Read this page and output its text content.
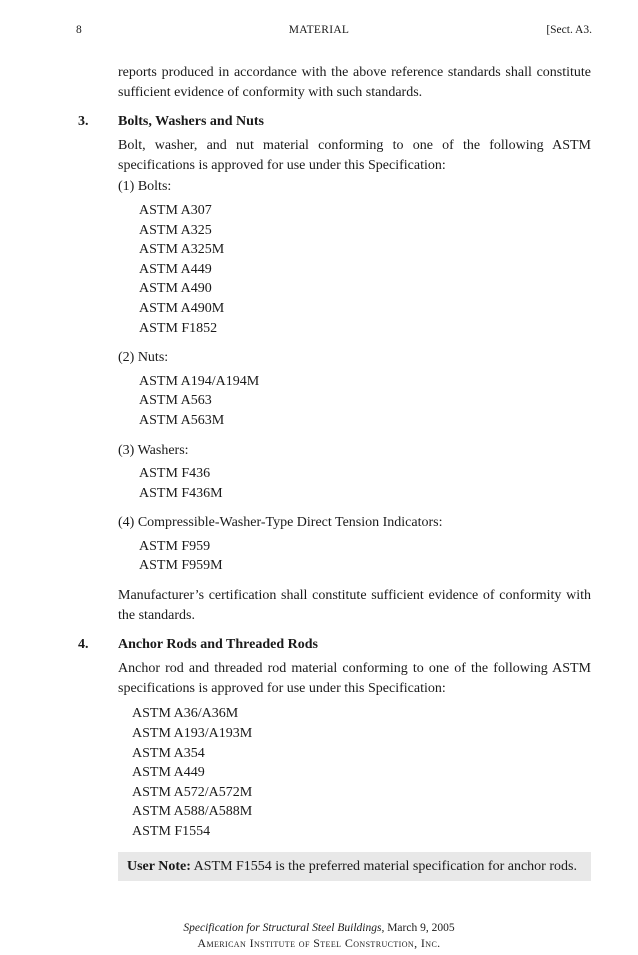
8	MATERIAL	[Sect. A3.

reports produced in accordance with the above reference standards shall constitute sufficient evidence of conformity with such standards.

3. Bolts, Washers and Nuts

Bolt, washer, and nut material conforming to one of the following ASTM specifications is approved for use under this Specification:

(1) Bolts:
ASTM A307
ASTM A325
ASTM A325M
ASTM A449
ASTM A490
ASTM A490M
ASTM F1852
(2) Nuts:
ASTM A194/A194M
ASTM A563
ASTM A563M
(3) Washers:
ASTM F436
ASTM F436M
(4) Compressible-Washer-Type Direct Tension Indicators:
ASTM F959
ASTM F959M

Manufacturer’s certification shall constitute sufficient evidence of conformity with the standards.

4. Anchor Rods and Threaded Rods

Anchor rod and threaded rod material conforming to one of the following ASTM specifications is approved for use under this Specification:

ASTM A36/A36M
ASTM A193/A193M
ASTM A354
ASTM A449
ASTM A572/A572M
ASTM A588/A588M
ASTM F1554
User Note: ASTM F1554 is the preferred material specification for anchor rods.
Specification for Structural Steel Buildings, March 9, 2005
American Institute of Steel Construction, Inc.
